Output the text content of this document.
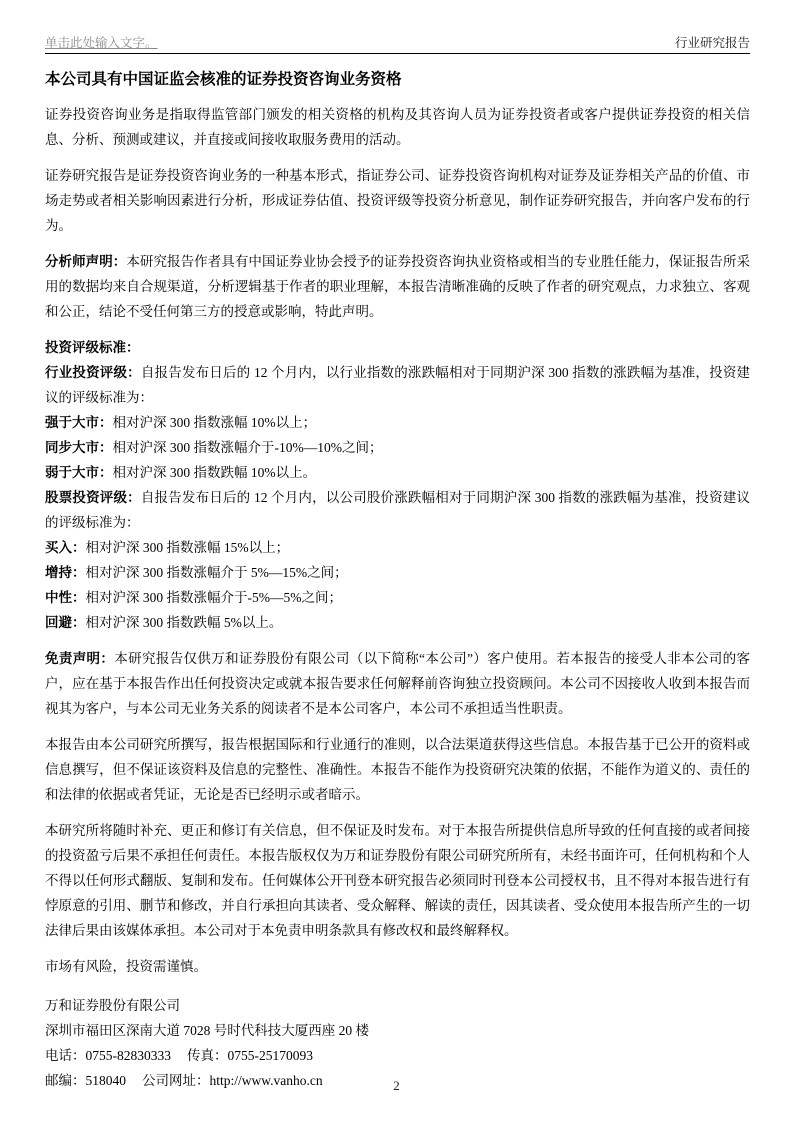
单击此处输入文字。	行业研究报告
本公司具有中国证监会核准的证券投资咨询业务资格

证券投资咨询业务是指取得监管部门颁发的相关资格的机构及其咨询人员为证券投资者或客户提供证券投资的相关信息、分析、预测或建议，并直接或间接收取服务费用的活动。

证券研究报告是证券投资咨询业务的一种基本形式，指证券公司、证券投资咨询机构对证券及证券相关产品的价值、市场走势或者相关影响因素进行分析，形成证券估值、投资评级等投资分析意见，制作证券研究报告，并向客户发布的行为。

分析师声明：本研究报告作者具有中国证券业协会授予的证券投资咨询执业资格或相当的专业胜任能力，保证报告所采用的数据均来自合规渠道，分析逻辑基于作者的职业理解，本报告清晰准确的反映了作者的研究观点，力求独立、客观和公正，结论不受任何第三方的授意或影响，特此声明。

投资评级标准：

行业投资评级：自报告发布日后的 12 个月内，以行业指数的涨跌幅相对于同期沪深 300 指数的涨跌幅为基准，投资建议的评级标准为：

强于大市：相对沪深 300 指数涨幅 10%以上；

同步大市：相对沪深 300 指数涨幅介于-10%—10%之间；

弱于大市：相对沪深 300 指数跌幅 10%以上。

股票投资评级：自报告发布日后的 12 个月内，以公司股价涨跌幅相对于同期沪深 300 指数的涨跌幅为基准，投资建议的评级标准为：

买入：相对沪深 300 指数涨幅 15%以上；

增持：相对沪深 300 指数涨幅介于 5%—15%之间；

中性：相对沪深 300 指数涨幅介于-5%—5%之间；

回避：相对沪深 300 指数跌幅 5%以上。

免责声明：本研究报告仅供万和证券股份有限公司（以下简称“本公司”）客户使用。若本报告的接受人非本公司的客户，应在基于本报告作出任何投资决定或就本报告要求任何解释前咨询独立投资顾问。本公司不因接收人收到本报告而视其为客户，与本公司无业务关系的阅读者不是本公司客户，本公司不承担适当性职责。

本报告由本公司研究所撰写，报告根据国际和行业通行的准则，以合法渠道获得这些信息。本报告基于已公开的资料或信息撰写，但不保证该资料及信息的完整性、准确性。本报告不能作为投资研究决策的依据，不能作为道义的、责任的和法律的依据或者凭证，无论是否已经明示或者暗示。

本研究所将随时补充、更正和修订有关信息，但不保证及时发布。对于本报告所提供信息所导致的任何直接的或者间接的投资盈亏后果不承担任何责任。本报告版权仅为万和证券股份有限公司研究所所有，未经书面许可，任何机构和个人不得以任何形式翻版、复制和发布。任何媒体公开刊登本研究报告必须同时刊登本公司授权书，且不得对本报告进行有悖原意的引用、删节和修改，并自行承担向其读者、受众解释、解读的责任，因其读者、受众使用本报告所产生的一切法律后果由该媒体承担。本公司对于本免责申明条款具有修改权和最终解释权。

市场有风险，投资需谨慎。

万和证券股份有限公司

深圳市福田区深南大道 7028 号时代科技大厦西座 20 楼

电话：0755-82830333 传真：0755-25170093

邮编：518040 公司网址：http://www.vanho.cn	2
